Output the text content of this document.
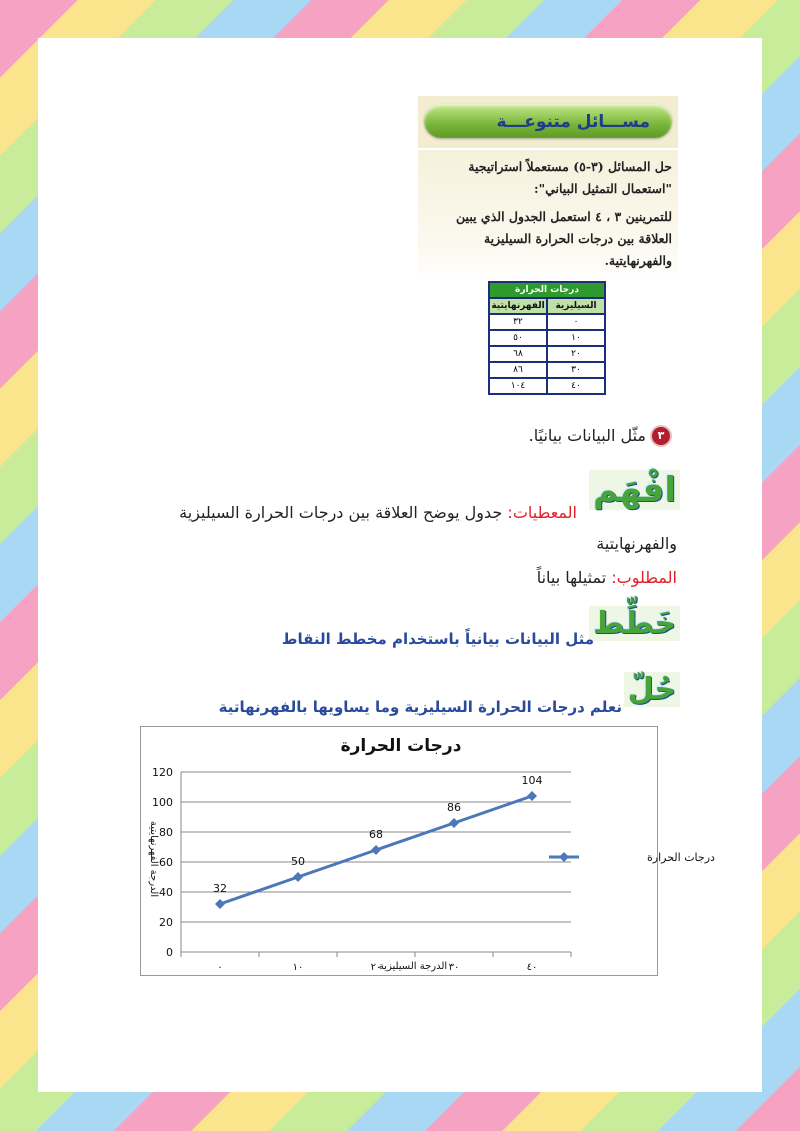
مســـائل متنوعـــة

حل المسائل (٣-٥) مستعملاً استراتيجية "استعمال التمثيل البياني":

للتمرينين ٣ ، ٤ استعمل الجدول الذي يبين العلاقة بين درجات الحرارة السيليزية والفهرنهايتية.

درجات الحرارة	
السيليزية	الفهرنهايتية
٠	٣٢
١٠	٥٠
٢٠	٦٨
٣٠	٨٦
٤٠	١٠٤
٣
مثّل البيانات بيانيًا.
افْهَم
المعطيات: جدول يوضح العلاقة بين درجات الحرارة السيليزية
والفهرنهايتية
المطلوب: تمثيلها بياناً
خَطِّط
مثل البيانات بيانياً باستخدام مخطط النقاط
حُلّ
نعلم درجات الحرارة السيليزية وما يساويها بالفهرنهاتية
درجات الحرارة
0
20
40
60
80
100
120
٠	١٠	٢٠	٣٠	٤٠
32
50
68
86
104
الدرجة السيليزية
الدرجة الفهرنهايتية	درجات الحرارة
